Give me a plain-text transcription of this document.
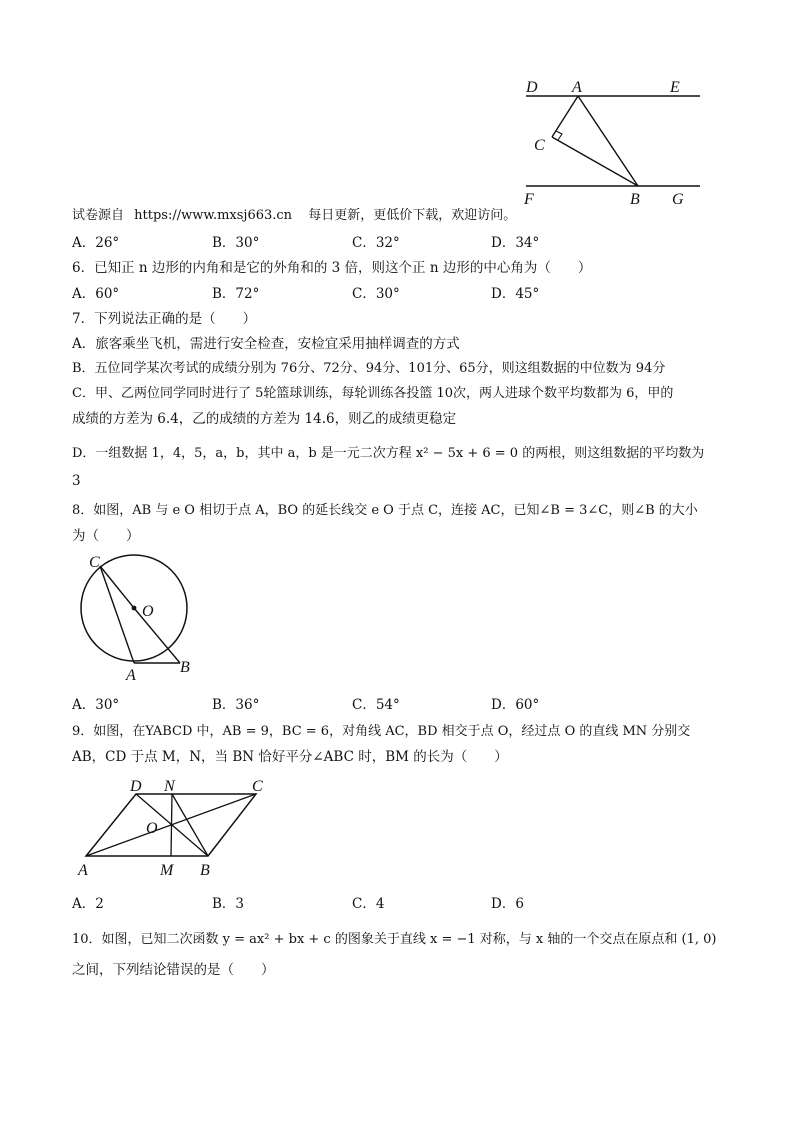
D A	E
C
F	B G
试卷源自 https://www.mxsj663.cn 每日更新，更低价下载，欢迎访问。
A．26°	B．30°	C．32°	D．34°
6．已知正 n 边形的内角和是它的外角和的 3 倍，则这个正 n 边形的中心角为（　　）
A．60°	B．72°	C．30°	D．45°
7．下列说法正确的是（　　）
A．旅客乘坐飞机，需进行安全检查，安检宜采用抽样调查的方式
B．五位同学某次考试的成绩分别为 76分、72分、94分、101分、65分，则这组数据的中位数为 94分
C．甲、乙两位同学同时进行了 5轮篮球训练，每轮训练各投篮 10次，两人进球个数平均数都为 6，甲的
成绩的方差为 6.4，乙的成绩的方差为 14.6，则乙的成绩更稳定
D．一组数据 1，4，5，a，b，其中 a，b 是一元二次方程 x² − 5x + 6 = 0 的两根，则这组数据的平均数为
3
8．如图，AB 与 e O 相切于点 A，BO 的延长线交 e O 于点 C，连接 AC，已知∠B = 3∠C，则∠B 的大小
为（　　）
C
O
A	B
A．30°	B．36°	C．54°	D．60°
9．如图，在YABCD 中，AB = 9，BC = 6，对角线 AC，BD 相交于点 O，经过点 O 的直线 MN 分别交
AB，CD 于点 M，N，当 BN 恰好平分∠ABC 时，BM 的长为（　　）
D N	C
O
A	M B
A．2	B．3	C．4	D．6
10．如图，已知二次函数 y = ax² + bx + c 的图象关于直线 x = −1 对称，与 x 轴的一个交点在原点和 (1, 0)
之间，下列结论错误的是（　　）
